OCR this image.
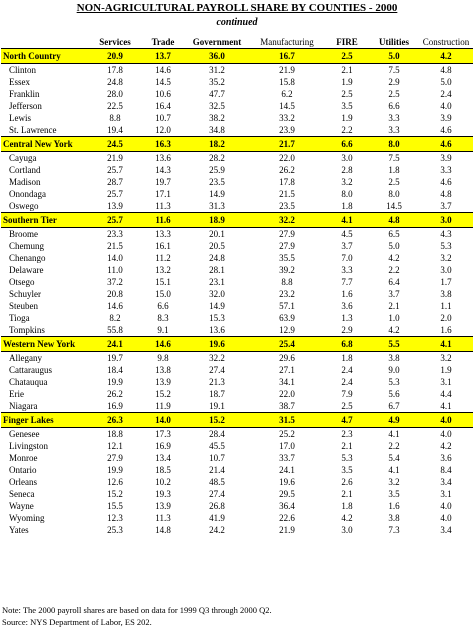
NON-AGRICULTURAL PAYROLL SHARE BY COUNTIES - 2000
continued
	Services	Trade	Government	Manufacturing	FIRE	Utilities	Construction
North Country	20.9	13.7	36.0	16.7	2.5	5.0	4.2
Clinton	17.8	14.6	31.2	21.9	2.1	7.5	4.8
Essex	24.8	14.5	35.2	15.8	1.9	2.9	5.0
Franklin	28.0	10.6	47.7	6.2	2.5	2.5	2.4
Jefferson	22.5	16.4	32.5	14.5	3.5	6.6	4.0
Lewis	8.8	10.7	38.2	33.2	1.9	3.3	3.9
St. Lawrence	19.4	12.0	34.8	23.9	2.2	3.3	4.6
Central New York	24.5	16.3	18.2	21.7	6.6	8.0	4.6
Cayuga	21.9	13.6	28.2	22.0	3.0	7.5	3.9
Cortland	25.7	14.3	25.9	26.2	2.8	1.8	3.3
Madison	28.7	19.7	23.5	17.8	3.2	2.5	4.6
Onondaga	25.7	17.1	14.9	21.5	8.0	8.0	4.8
Oswego	13.9	11.3	31.3	23.5	1.8	14.5	3.7
Southern Tier	25.7	11.6	18.9	32.2	4.1	4.8	3.0
Broome	23.3	13.3	20.1	27.9	4.5	6.5	4.3
Chemung	21.5	16.1	20.5	27.9	3.7	5.0	5.3
Chenango	14.0	11.2	24.8	35.5	7.0	4.2	3.2
Delaware	11.0	13.2	28.1	39.2	3.3	2.2	3.0
Otsego	37.2	15.1	23.1	8.8	7.7	6.4	1.7
Schuyler	20.8	15.0	32.0	23.2	1.6	3.7	3.8
Steuben	14.6	6.6	14.9	57.1	3.6	2.1	1.1
Tioga	8.2	8.3	15.3	63.9	1.3	1.0	2.0
Tompkins	55.8	9.1	13.6	12.9	2.9	4.2	1.6
Western New York	24.1	14.6	19.6	25.4	6.8	5.5	4.1
Allegany	19.7	9.8	32.2	29.6	1.8	3.8	3.2
Cattaraugus	18.4	13.8	27.4	27.1	2.4	9.0	1.9
Chatauqua	19.9	13.9	21.3	34.1	2.4	5.3	3.1
Erie	26.2	15.2	18.7	22.0	7.9	5.6	4.4
Niagara	16.9	11.9	19.1	38.7	2.5	6.7	4.1
Finger Lakes	26.3	14.0	15.2	31.5	4.7	4.9	4.0
Genesee	18.8	17.3	28.4	25.2	2.3	4.1	4.0
Livingston	12.1	16.9	45.5	17.0	2.1	2.2	4.2
Monroe	27.9	13.4	10.7	33.7	5.3	5.4	3.6
Ontario	19.9	18.5	21.4	24.1	3.5	4.1	8.4
Orleans	12.6	10.2	48.5	19.6	2.6	3.2	3.4
Seneca	15.2	19.3	27.4	29.5	2.1	3.5	3.1
Wayne	15.5	13.9	26.8	36.4	1.8	1.6	4.0
Wyoming	12.3	11.3	41.9	22.6	4.2	3.8	4.0
Yates	25.3	14.8	24.2	21.9	3.0	7.3	3.4
Note: The 2000 payroll shares are based on data for 1999 Q3 through 2000 Q2.
Source: NYS Department of Labor, ES 202.
